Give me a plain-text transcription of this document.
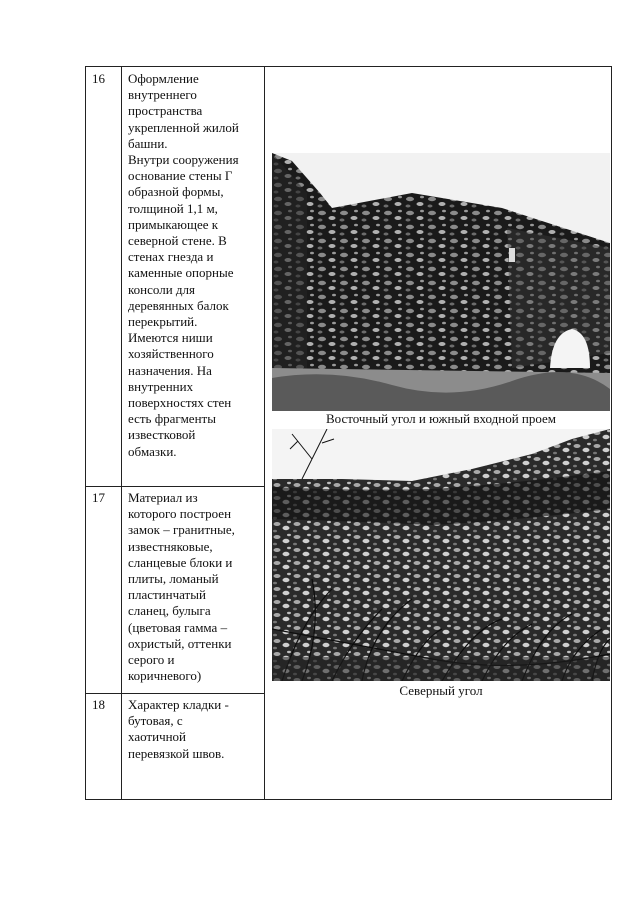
16 Оформление
внутреннего
пространства
укрепленной жилой
башни.
Внутри сооружения
основание стены Г
образной формы,
толщиной 1,1 м,
примыкающее к
северной стене. В
стенах гнезда и
каменные опорные
консоли для
деревянных балок
перекрытий.
Имеются ниши
хозяйственного
назначения. На
внутренних
поверхностях стен
есть фрагменты
известковой
обмазки.
17 Материал из
которого построен
замок – гранитные,
известняковые,
сланцевые блоки и
плиты, ломаный
пластинчатый
сланец, булыга
(цветовая гамма –
охристый, оттенки
серого и
коричневого)
18 Характер кладки -
бутовая, с
хаотичной
перевязкой швов.
Восточный угол и южный входной проем
Северный угол
